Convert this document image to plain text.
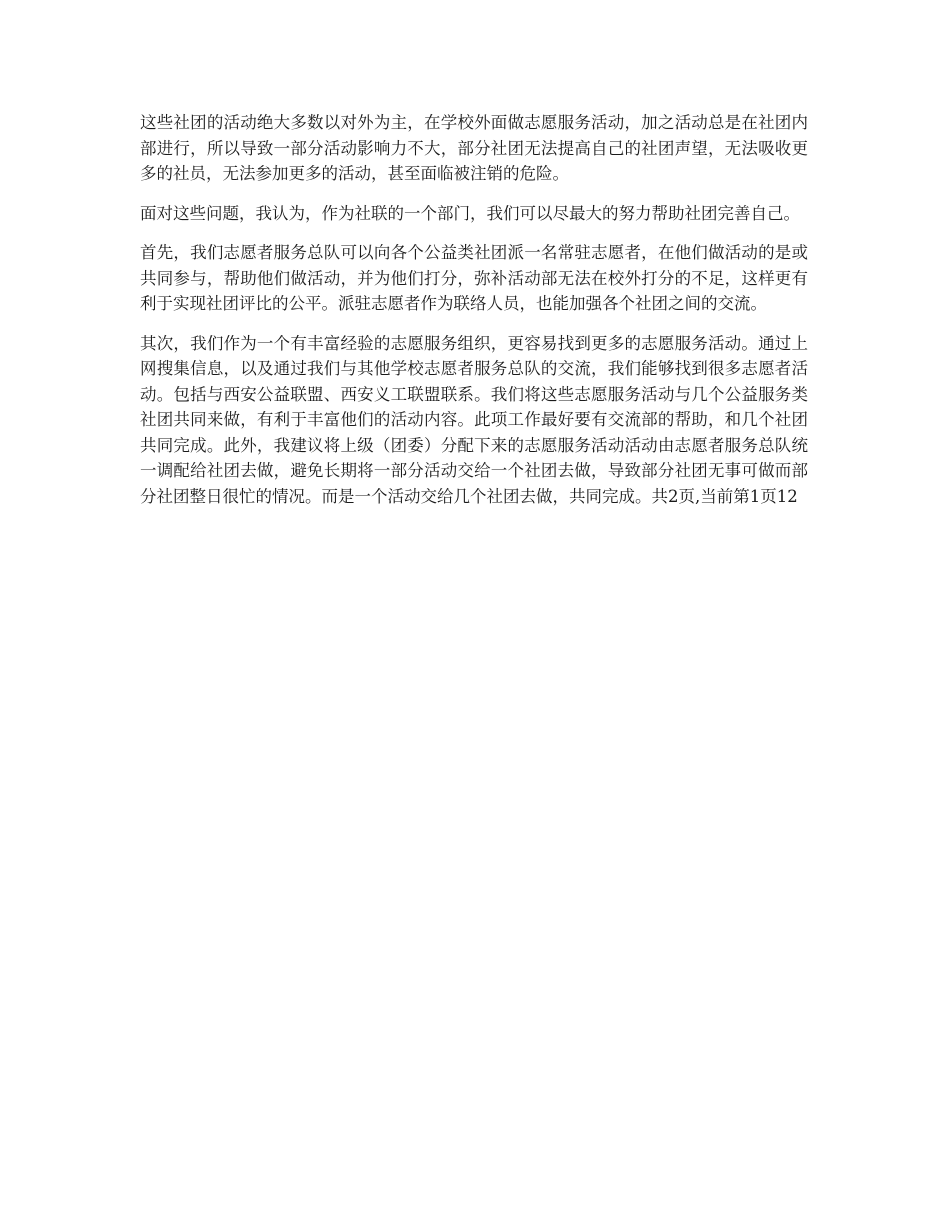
这些社团的活动绝大多数以对外为主，在学校外面做志愿服务活动，加之活动总是在社团内部进行，所以导致一部分活动影响力不大，部分社团无法提高自己的社团声望，无法吸收更多的社员，无法参加更多的活动，甚至面临被注销的危险。

面对这些问题，我认为，作为社联的一个部门，我们可以尽最大的努力帮助社团完善自己。

首先，我们志愿者服务总队可以向各个公益类社团派一名常驻志愿者，在他们做活动的是或共同参与，帮助他们做活动，并为他们打分，弥补活动部无法在校外打分的不足，这样更有利于实现社团评比的公平。派驻志愿者作为联络人员，也能加强各个社团之间的交流。

其次，我们作为一个有丰富经验的志愿服务组织，更容易找到更多的志愿服务活动。通过上网搜集信息，以及通过我们与其他学校志愿者服务总队的交流，我们能够找到很多志愿者活动。包括与西安公益联盟、西安义工联盟联系。我们将这些志愿服务活动与几个公益服务类社团共同来做，有利于丰富他们的活动内容。此项工作最好要有交流部的帮助，和几个社团共同完成。此外，我建议将上级（团委）分配下来的志愿服务活动活动由志愿者服务总队统一调配给社团去做，避免长期将一部分活动交给一个社团去做，导致部分社团无事可做而部分社团整日很忙的情况。而是一个活动交给几个社团去做，共同完成。共2页,当前第1页12
